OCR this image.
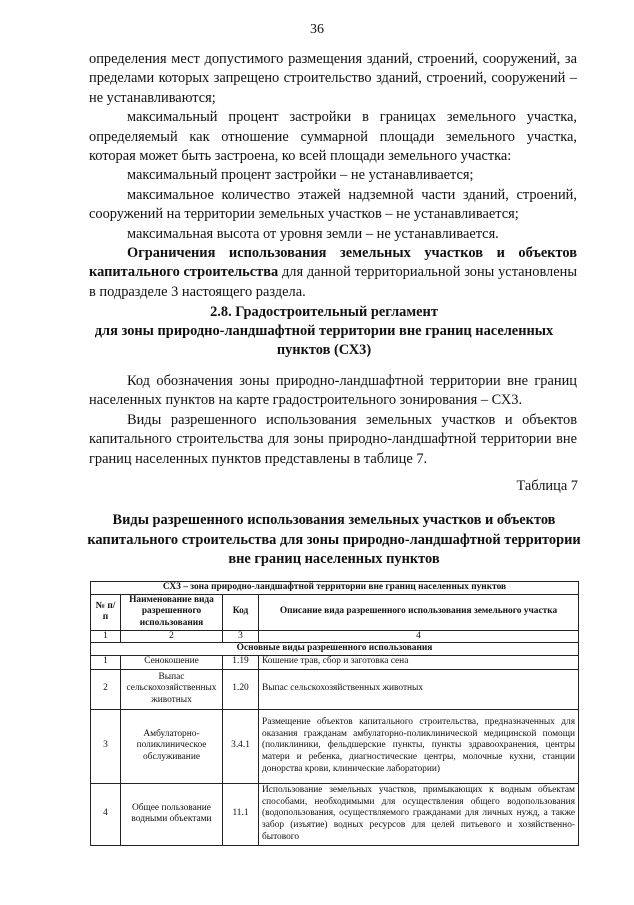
36

определения мест допустимого размещения зданий, строений, сооружений, за пределами которых запрещено строительство зданий, строений, сооружений – не устанавливаются;

максимальный процент застройки в границах земельного участка, определяемый как отношение суммарной площади земельного участка, которая может быть застроена, ко всей площади земельного участка:

максимальный процент застройки – не устанавливается;

максимальное количество этажей надземной части зданий, строений, сооружений на территории земельных участков – не устанавливается;

максимальная высота от уровня земли – не устанавливается.

Ограничения использования земельных участков и объектов капитального строительства для данной территориальной зоны установлены в подразделе 3 настоящего раздела.

2.8. Градостроительный регламент
для зоны природно-ландшафтной территории вне границ населенных пунктов (СХ3)

Код обозначения зоны природно-ландшафтной территории вне границ населенных пунктов на карте градостроительного зонирования – СХ3.

Виды разрешенного использования земельных участков и объектов капитального строительства для зоны природно-ландшафтной территории вне границ населенных пунктов представлены в таблице 7.

Таблица 7
Виды разрешенного использования земельных участков и объектов капитального строительства для зоны природно-ландшафтной территории вне границ населенных пунктов
СХ3 – зона природно-ландшафтной территории вне границ населенных пунктов			
№ п/п	Наименование вида разрешенного использования	Код	Описание вида разрешенного использования земельного участка
1	2	3	4
Основные виды разрешенного использования			
1	Сенокошение	1.19	Кошение трав, сбор и заготовка сена
2	Выпас сельскохозяйственных животных	1.20	Выпас сельскохозяйственных животных
3	Амбулаторно-поликлиническое обслуживание	3.4.1	Размещение объектов капитального строительства, предназначенных для оказания гражданам амбулаторно-поликлинической медицинской помощи (поликлиники, фельдшерские пункты, пункты здравоохранения, центры матери и ребенка, диагностические центры, молочные кухни, станции донорства крови, клинические лаборатории)
4	Общее пользование водными объектами	11.1	Использование земельных участков, примыкающих к водным объектам способами, необходимыми для осуществления общего водопользования (водопользования, осуществляемого гражданами для личных нужд, а также забор (изъятие) водных ресурсов для целей питьевого и хозяйственно-бытового
